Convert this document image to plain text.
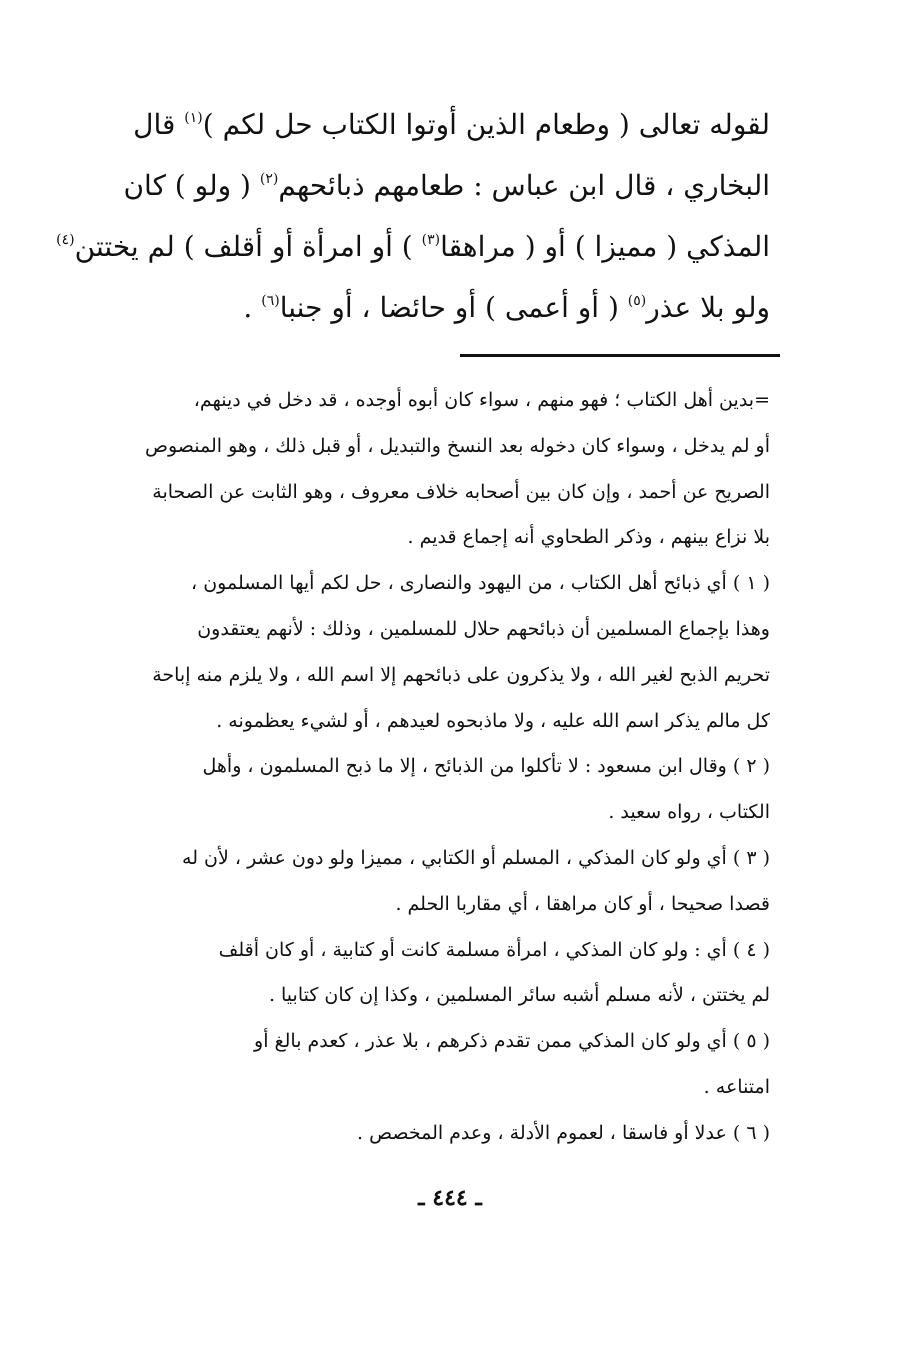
لقوله تعالى ( وطعام الذين أوتوا الكتاب حل لكم )$^{(١)}$ قال
البخاري ، قال ابن عباس : طعامهم ذبائحهم$^{(٢)}$ ( ولو ) كان
المذكي ( مميزا ) أو ( مراهقا$^{(٣)}$ ) أو امرأة أو أقلف ) لم يختتن$^{(٤)}$
ولو بلا عذر$^{(٥)}$ ( أو أعمى ) أو حائضا ، أو جنبا$^{(٦)}$ .
=بدين أهل الكتاب ؛ فهو منهم ، سواء كان أبوه أوجده ، قد دخل في دينهم،
أو لم يدخل ، وسواء كان دخوله بعد النسخ والتبديل ، أو قبل ذلك ، وهو المنصوص
الصريح عن أحمد ، وإن كان بين أصحابه خلاف معروف ، وهو الثابت عن الصحابة
بلا نزاع بينهم ، وذكر الطحاوي أنه إجماع قديم .
( ١ ) أي ذبائح أهل الكتاب ، من اليهود والنصارى ، حل لكم أيها المسلمون ،
وهذا بإجماع المسلمين أن ذبائحهم حلال للمسلمين ، وذلك : لأنهم يعتقدون
تحريم الذبح لغير الله ، ولا يذكرون على ذبائحهم إلا اسم الله ، ولا يلزم منه إباحة
كل مالم يذكر اسم الله عليه ، ولا ماذبحوه لعيدهم ، أو لشيء يعظمونه .
( ٢ ) وقال ابن مسعود : لا تأكلوا من الذبائح ، إلا ما ذبح المسلمون ، وأهل
الكتاب ، رواه سعيد .
( ٣ ) أي ولو كان المذكي ، المسلم أو الكتابي ، مميزا ولو دون عشر ، لأن له
قصدا صحيحا ، أو كان مراهقا ، أي مقاربا الحلم .
( ٤ ) أي : ولو كان المذكي ، امرأة مسلمة كانت أو كتابية ، أو كان أقلف
لم يختتن ، لأنه مسلم أشبه سائر المسلمين ، وكذا إن كان كتابيا .
( ٥ ) أي ولو كان المذكي ممن تقدم ذكرهم ، بلا عذر ، كعدم بالغ أو
امتناعه .
( ٦ ) عدلا أو فاسقا ، لعموم الأدلة ، وعدم المخصص .
ـ ٤٤٤ ـ
